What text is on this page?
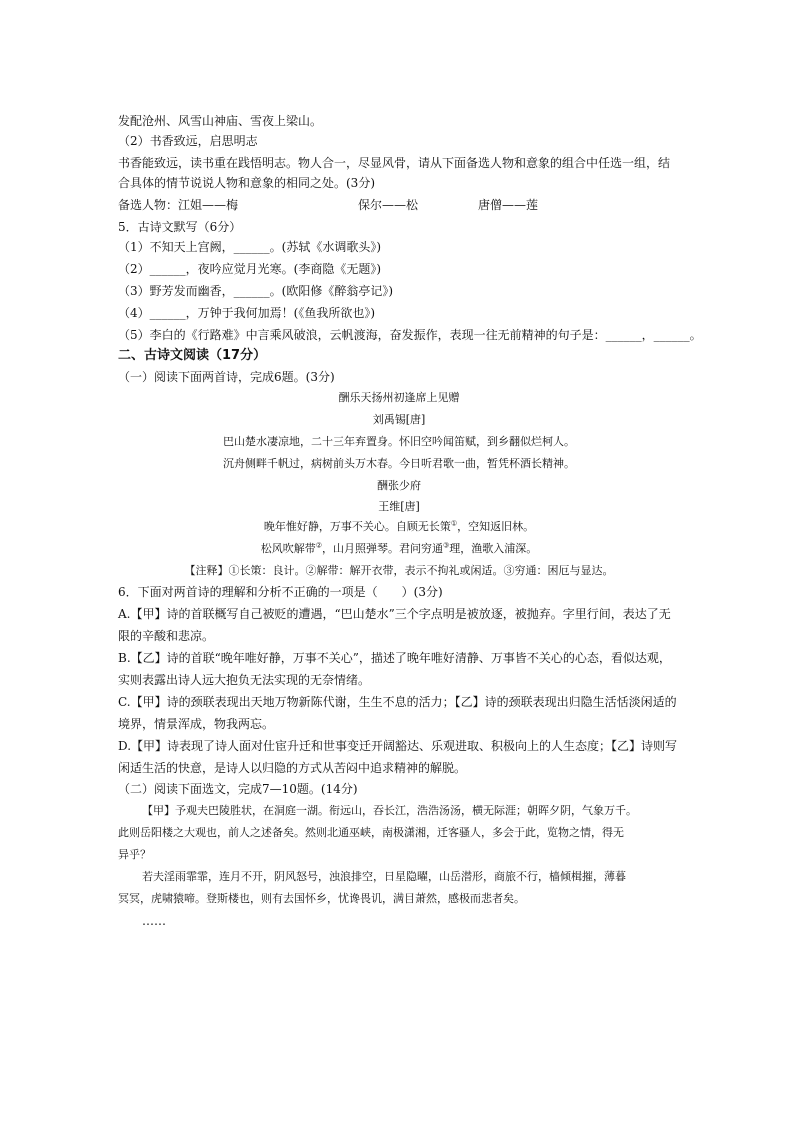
发配沧州、风雪山神庙、雪夜上梁山。
（2）书香致远，启思明志
书香能致远，读书重在践悟明志。物人合一，尽显风骨，请从下面备选人物和意象的组合中任选一组，结
合具体的情节说说人物和意象的相同之处。(3分)
备选人物：江姐——梅	保尔——松	唐僧——莲
5．古诗文默写（6分）
（1）不知天上宫阙，______。(苏轼《水调歌头》)
（2）______，夜吟应觉月光寒。(李商隐《无题》)
（3）野芳发而幽香，______。(欧阳修《醉翁亭记》)
（4）______，万钟于我何加焉！(《鱼我所欲也》)
（5）李白的《行路难》中言乘风破浪，云帆渡海，奋发振作，表现一往无前精神的句子是：______，______。
二、古诗文阅读（17分）
（一）阅读下面两首诗，完成6题。(3分)
酬乐天扬州初逢席上见赠
刘禹锡[唐]
巴山楚水凄凉地，二十三年弃置身。怀旧空吟闻笛赋，到乡翻似烂柯人。
沉舟侧畔千帆过，病树前头万木春。今日听君歌一曲，暂凭杯酒长精神。
酬张少府
王维[唐]
晚年惟好静，万事不关心。自顾无长策①，空知返旧林。
松风吹解带②，山月照弹琴。君问穷通③理，渔歌入浦深。
【注释】①长策：良计。②解带：解开衣带，表示不拘礼或闲适。③穷通：困厄与显达。
6．下面对两首诗的理解和分析不正确的一项是（　　）(3分)
A.【甲】诗的首联概写自己被贬的遭遇，“巴山楚水”三个字点明是被放逐，被抛弃。字里行间，表达了无
限的辛酸和悲凉。
B.【乙】诗的首联“晚年唯好静，万事不关心”，描述了晚年唯好清静、万事皆不关心的心态，看似达观，
实则表露出诗人远大抱负无法实现的无奈情绪。
C.【甲】诗的颈联表现出天地万物新陈代谢，生生不息的活力；【乙】诗的颈联表现出归隐生活恬淡闲适的
境界，情景浑成，物我两忘。
D.【甲】诗表现了诗人面对仕宦升迁和世事变迁开阔豁达、乐观进取、积极向上的人生态度；【乙】诗则写
闲适生活的快意，是诗人以归隐的方式从苦闷中追求精神的解脱。
（二）阅读下面选文，完成7—10题。(14分)
【甲】予观夫巴陵胜状，在洞庭一湖。衔远山，吞长江，浩浩汤汤，横无际涯；朝晖夕阴，气象万千。
此则岳阳楼之大观也，前人之述备矣。然则北通巫峡，南极潇湘，迁客骚人，多会于此，览物之情，得无
异乎？
若夫淫雨霏霏，连月不开，阴风怒号，浊浪排空，日星隐曜，山岳潜形，商旅不行，樯倾楫摧，薄暮
冥冥，虎啸猿啼。登斯楼也，则有去国怀乡，忧谗畏讥，满目萧然，感极而悲者矣。
……
